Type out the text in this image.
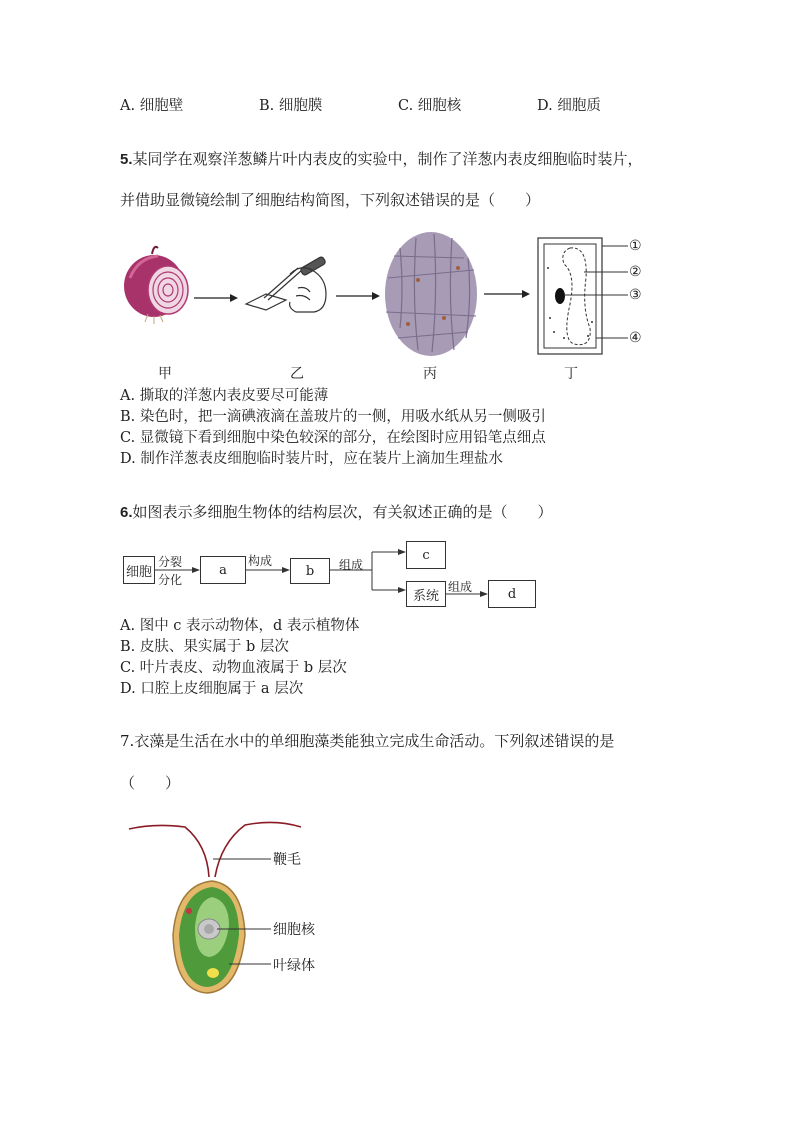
A. 细胞壁	B. 细胞膜	C. 细胞核	D. 细胞质
5.某同学在观察洋葱鳞片叶内表皮的实验中，制作了洋葱内表皮细胞临时装片，
并借助显微镜绘制了细胞结构简图，下列叙述错误的是（　　）
①
②
③
④
甲	乙	丙	丁
A. 撕取的洋葱内表皮要尽可能薄
B. 染色时，把一滴碘液滴在盖玻片的一侧，用吸水纸从另一侧吸引
C. 显微镜下看到细胞中染色较深的部分，在绘图时应用铅笔点细点
D. 制作洋葱表皮细胞临时装片时，应在装片上滴加生理盐水
6.如图表示多细胞生物体的结构层次，有关叙述正确的是（　　）
细胞
分裂
分化
a
构成
b	组成
c
系统
组成	d
A. 图中 c 表示动物体，d 表示植物体
B. 皮肤、果实属于 b 层次
C. 叶片表皮、动物血液属于 b 层次
D. 口腔上皮细胞属于 a 层次
7.衣藻是生活在水中的单细胞藻类能独立完成生命活动。下列叙述错误的是
（　　）
鞭毛
细胞核
叶绿体
